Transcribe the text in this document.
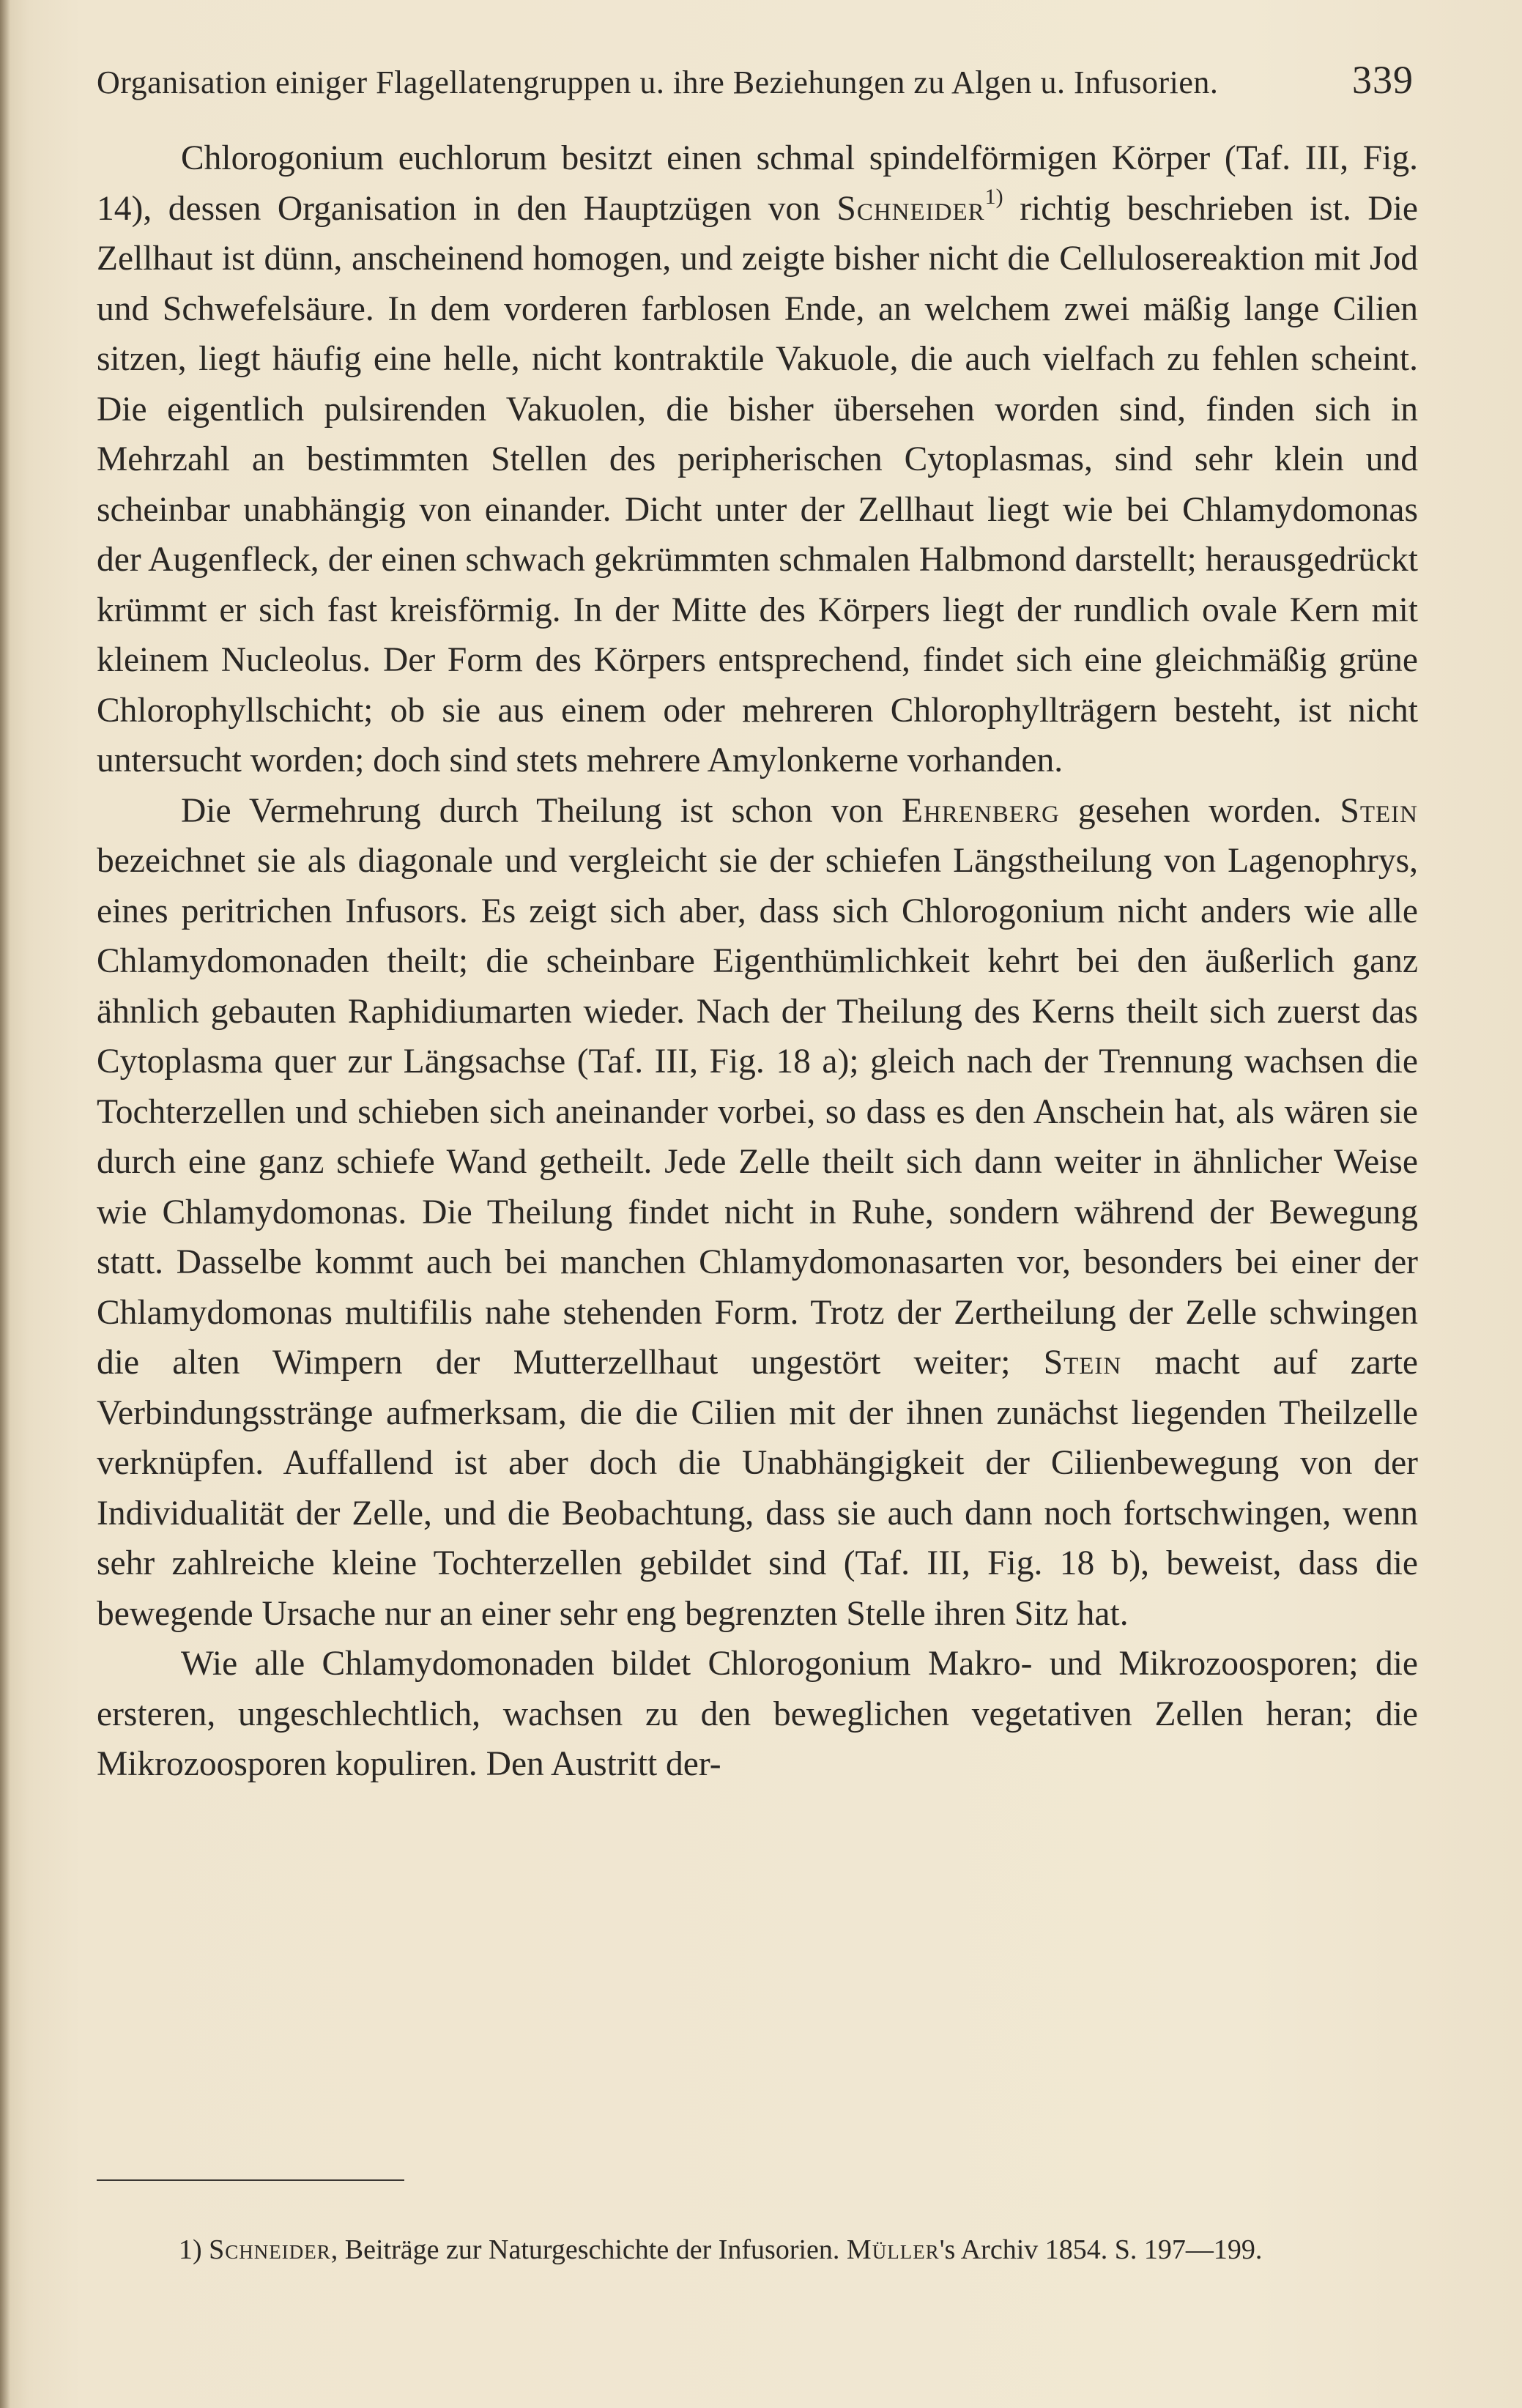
Organisation einiger Flagellatengruppen u. ihre Beziehungen zu Algen u. Infusorien.	339

Chlorogonium euchlorum besitzt einen schmal spindelförmigen Körper (Taf. III, Fig. 14), dessen Organisation in den Hauptzügen von Schneider$^{1)}$ richtig beschrieben ist. Die Zellhaut ist dünn, anscheinend homogen, und zeigte bisher nicht die Cellulosereaktion mit Jod und Schwefelsäure. In dem vorderen farblosen Ende, an welchem zwei mäßig lange Cilien sitzen, liegt häufig eine helle, nicht kontraktile Vakuole, die auch vielfach zu fehlen scheint. Die eigentlich pulsirenden Vakuolen, die bisher übersehen worden sind, finden sich in Mehrzahl an bestimmten Stellen des peripherischen Cytoplasmas, sind sehr klein und scheinbar unabhängig von einander. Dicht unter der Zellhaut liegt wie bei Chlamydomonas der Augenfleck, der einen schwach gekrümmten schmalen Halbmond darstellt; herausgedrückt krümmt er sich fast kreisförmig. In der Mitte des Körpers liegt der rundlich ovale Kern mit kleinem Nucleolus. Der Form des Körpers entsprechend, findet sich eine gleichmäßig grüne Chlorophyllschicht; ob sie aus einem oder mehreren Chlorophyllträgern besteht, ist nicht untersucht worden; doch sind stets mehrere Amylonkerne vorhanden.

Die Vermehrung durch Theilung ist schon von Ehrenberg gesehen worden. Stein bezeichnet sie als diagonale und vergleicht sie der schiefen Längstheilung von Lagenophrys, eines peritrichen Infusors. Es zeigt sich aber, dass sich Chlorogonium nicht anders wie alle Chlamydomonaden theilt; die scheinbare Eigenthümlichkeit kehrt bei den äußerlich ganz ähnlich gebauten Raphidiumarten wieder. Nach der Theilung des Kerns theilt sich zuerst das Cytoplasma quer zur Längsachse (Taf. III, Fig. 18 a); gleich nach der Trennung wachsen die Tochterzellen und schieben sich aneinander vorbei, so dass es den Anschein hat, als wären sie durch eine ganz schiefe Wand getheilt. Jede Zelle theilt sich dann weiter in ähnlicher Weise wie Chlamydomonas. Die Theilung findet nicht in Ruhe, sondern während der Bewegung statt. Dasselbe kommt auch bei manchen Chlamydomonasarten vor, besonders bei einer der Chlamydomonas multifilis nahe stehenden Form. Trotz der Zertheilung der Zelle schwingen die alten Wimpern der Mutterzellhaut ungestört weiter; Stein macht auf zarte Verbindungsstränge aufmerksam, die die Cilien mit der ihnen zunächst liegenden Theilzelle verknüpfen. Auffallend ist aber doch die Unabhängigkeit der Cilienbewegung von der Individualität der Zelle, und die Beobachtung, dass sie auch dann noch fortschwingen, wenn sehr zahlreiche kleine Tochterzellen gebildet sind (Taf. III, Fig. 18 b), beweist, dass die bewegende Ursache nur an einer sehr eng begrenzten Stelle ihren Sitz hat.

Wie alle Chlamydomonaden bildet Chlorogonium Makro- und Mikrozoosporen; die ersteren, ungeschlechtlich, wachsen zu den beweglichen vegetativen Zellen heran; die Mikrozoosporen kopuliren. Den Austritt der-

1) Schneider, Beiträge zur Naturgeschichte der Infusorien. Müller's Archiv 1854. S. 197—199.
